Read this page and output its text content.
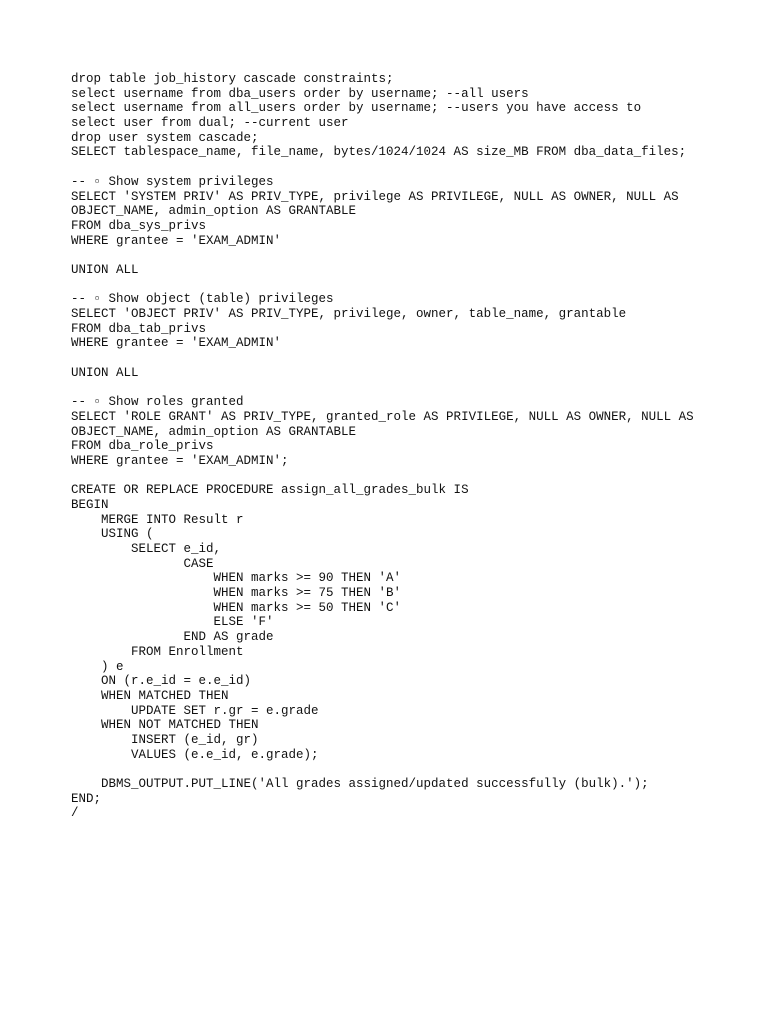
drop table job_history cascade constraints;
select username from dba_users order by username; --all users
select username from all_users order by username; --users you have access to
select user from dual; --current user
drop user system cascade;
SELECT tablespace_name, file_name, bytes/1024/1024 AS size_MB FROM dba_data_files;
-- ▫ Show system privileges
SELECT 'SYSTEM PRIV' AS PRIV_TYPE, privilege AS PRIVILEGE, NULL AS OWNER, NULL AS
OBJECT_NAME, admin_option AS GRANTABLE
FROM dba_sys_privs
WHERE grantee = 'EXAM_ADMIN'
UNION ALL
-- ▫ Show object (table) privileges
SELECT 'OBJECT PRIV' AS PRIV_TYPE, privilege, owner, table_name, grantable
FROM dba_tab_privs
WHERE grantee = 'EXAM_ADMIN'
UNION ALL
-- ▫ Show roles granted
SELECT 'ROLE GRANT' AS PRIV_TYPE, granted_role AS PRIVILEGE, NULL AS OWNER, NULL AS
OBJECT_NAME, admin_option AS GRANTABLE
FROM dba_role_privs
WHERE grantee = 'EXAM_ADMIN';
CREATE OR REPLACE PROCEDURE assign_all_grades_bulk IS
BEGIN
MERGE INTO Result r
USING (
SELECT e_id,
CASE
WHEN marks >= 90 THEN 'A'
WHEN marks >= 75 THEN 'B'
WHEN marks >= 50 THEN 'C'
ELSE 'F'
END AS grade
FROM Enrollment
) e
ON (r.e_id = e.e_id)
WHEN MATCHED THEN
UPDATE SET r.gr = e.grade
WHEN NOT MATCHED THEN
INSERT (e_id, gr)
VALUES (e.e_id, e.grade);
DBMS_OUTPUT.PUT_LINE('All grades assigned/updated successfully (bulk).');
END;
/
